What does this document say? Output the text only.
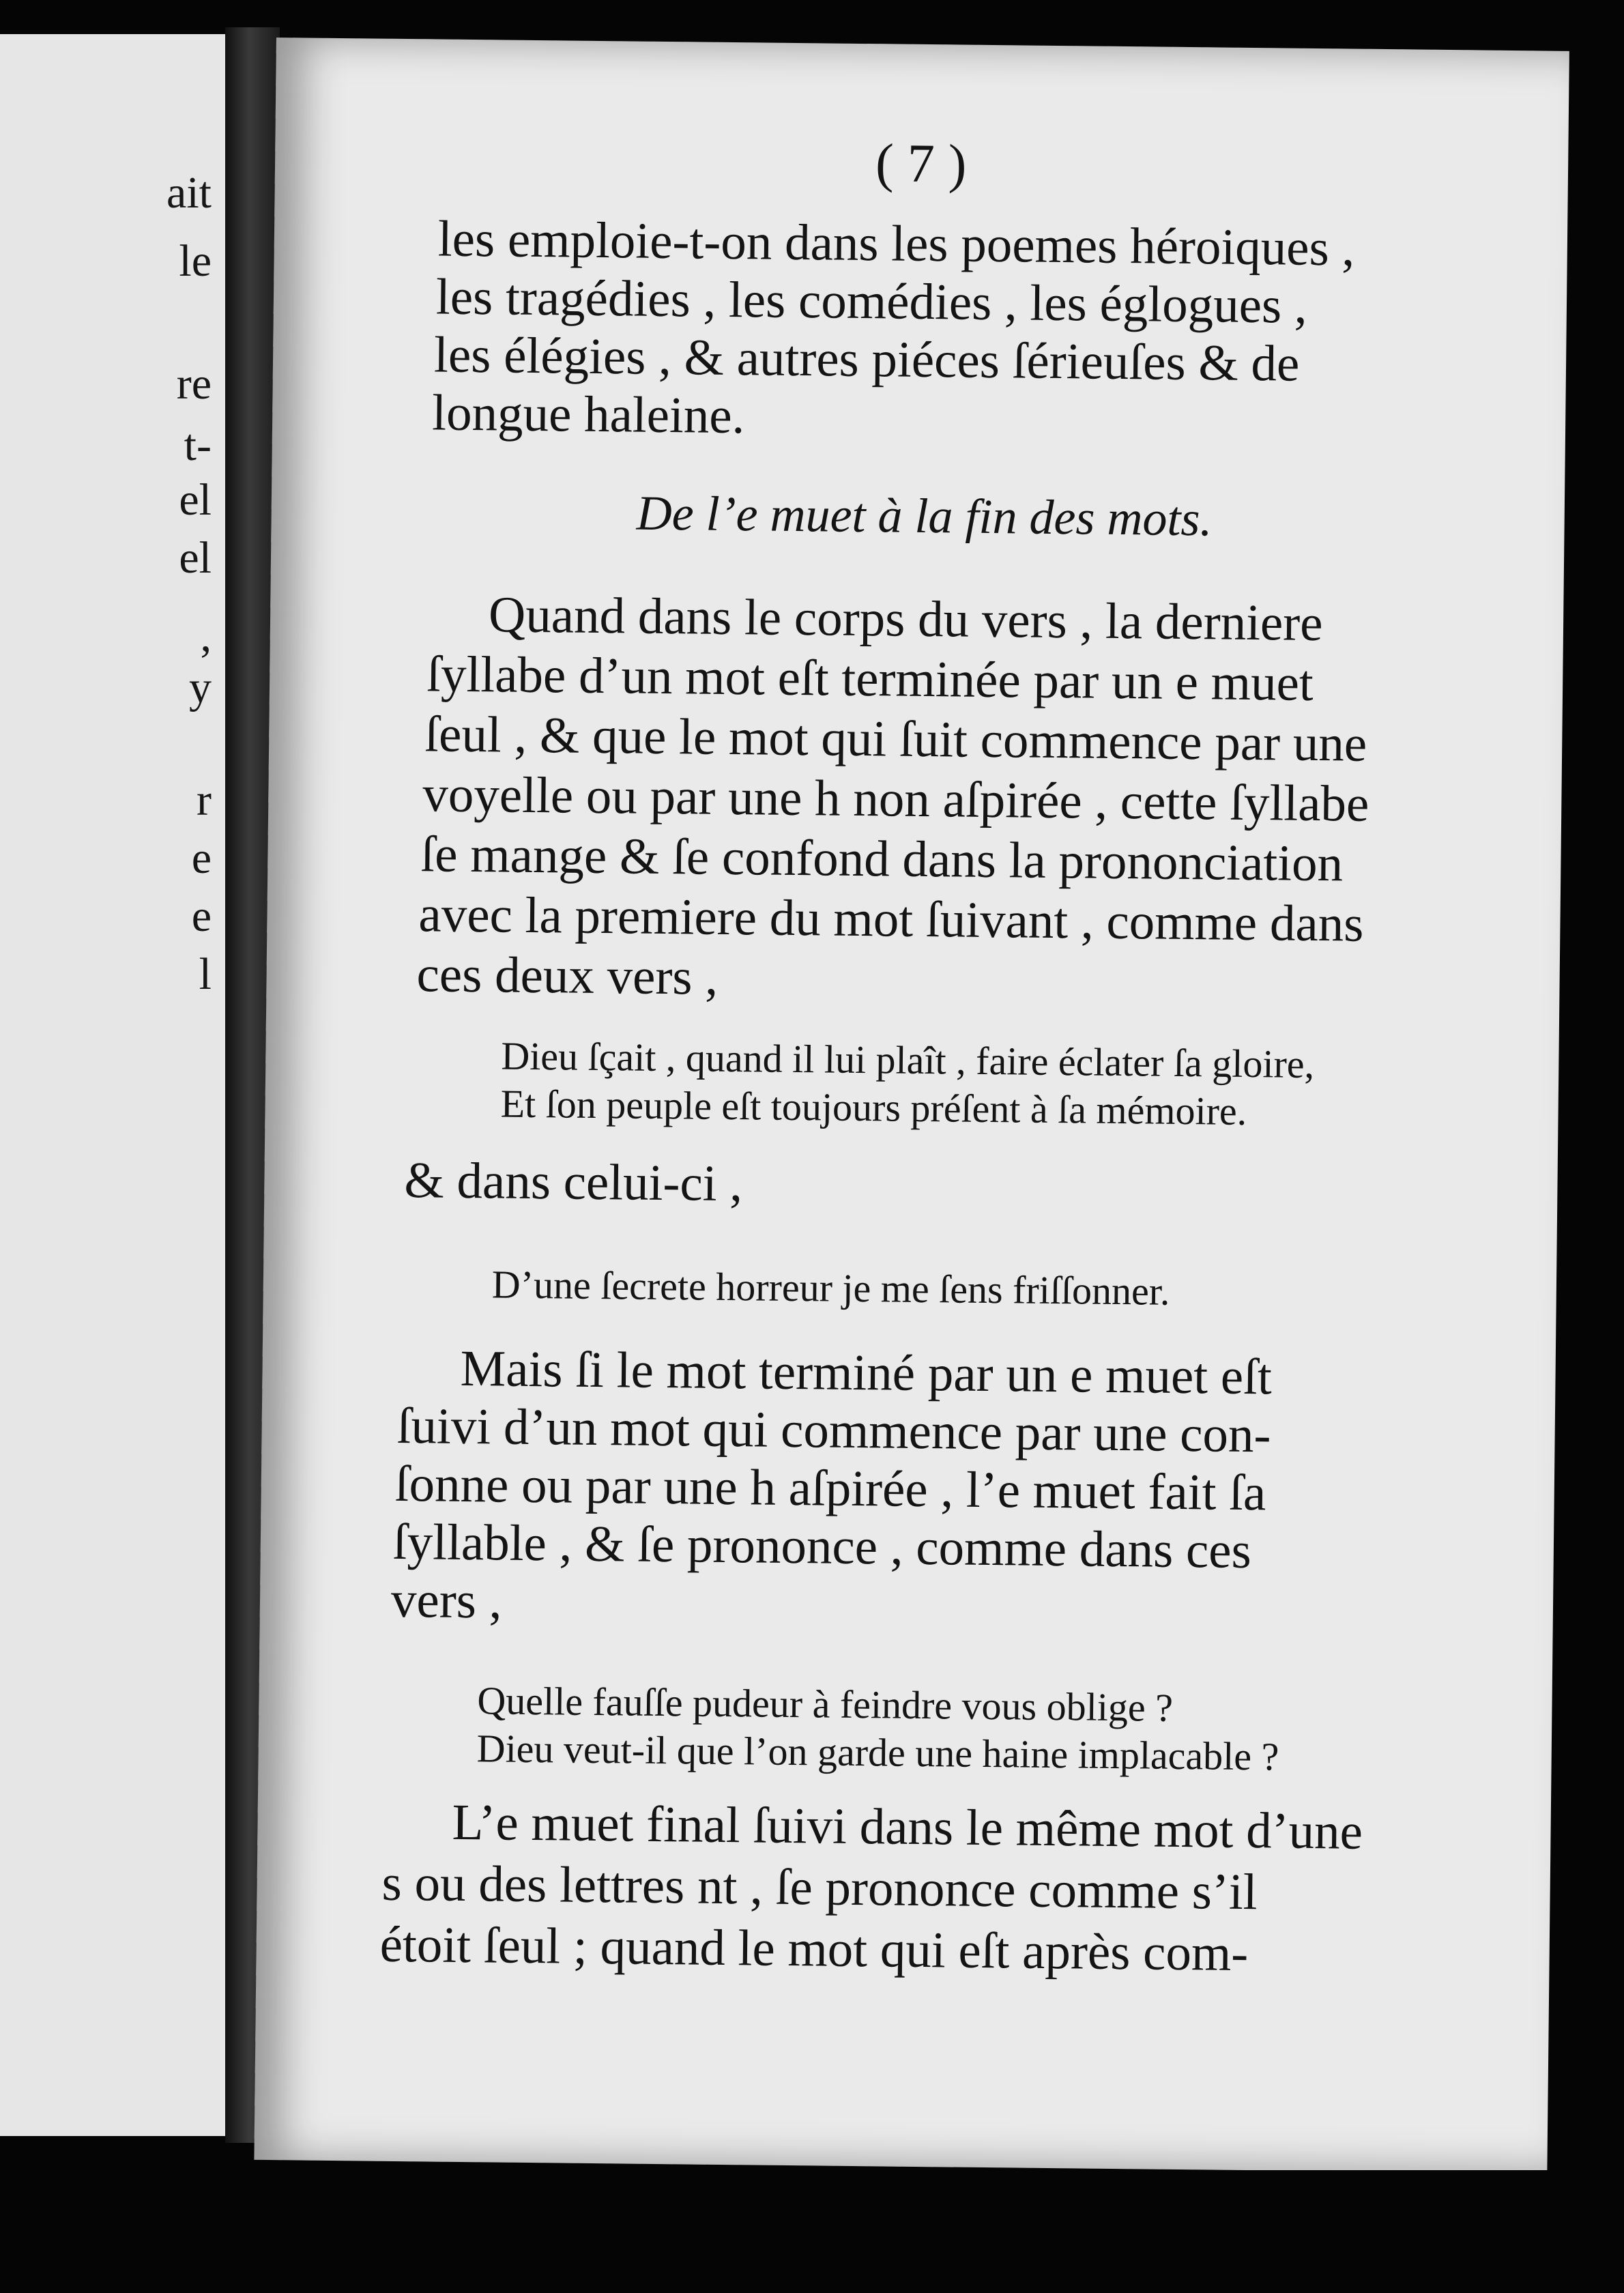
ait
le
re
t-
el
el
,
y
r
e
e
l
( 7 )
les emploie-t-on dans les poemes héroiques ,
les tragédies , les comédies , les églogues ,
les élégies , & autres piéces ſérieuſes & de
longue haleine.
De l’e muet à la fin des mots.
Quand dans le corps du vers , la derniere
ſyllabe d’un mot eſt terminée par un e muet
ſeul , & que le mot qui ſuit commence par une
voyelle ou par une h non aſpirée , cette ſyllabe
ſe mange & ſe confond dans la prononciation
avec la premiere du mot ſuivant , comme dans
ces deux vers ,
Dieu ſçait , quand il lui plaît , faire éclater ſa gloire,
Et ſon peuple eſt toujours préſent à ſa mémoire.
& dans celui-ci ,
D’une ſecrete horreur je me ſens friſſonner.
Mais ſi le mot terminé par un e muet eſt
ſuivi d’un mot qui commence par une con-
ſonne ou par une h aſpirée , l’e muet fait ſa
ſyllable , & ſe prononce , comme dans ces
vers ,
Quelle fauſſe pudeur à feindre vous oblige ?
Dieu veut-il que l’on garde une haine implacable ?
L’e muet final ſuivi dans le même mot d’une
s ou des lettres nt , ſe prononce comme s’il
étoit ſeul ; quand le mot qui eſt après com-
